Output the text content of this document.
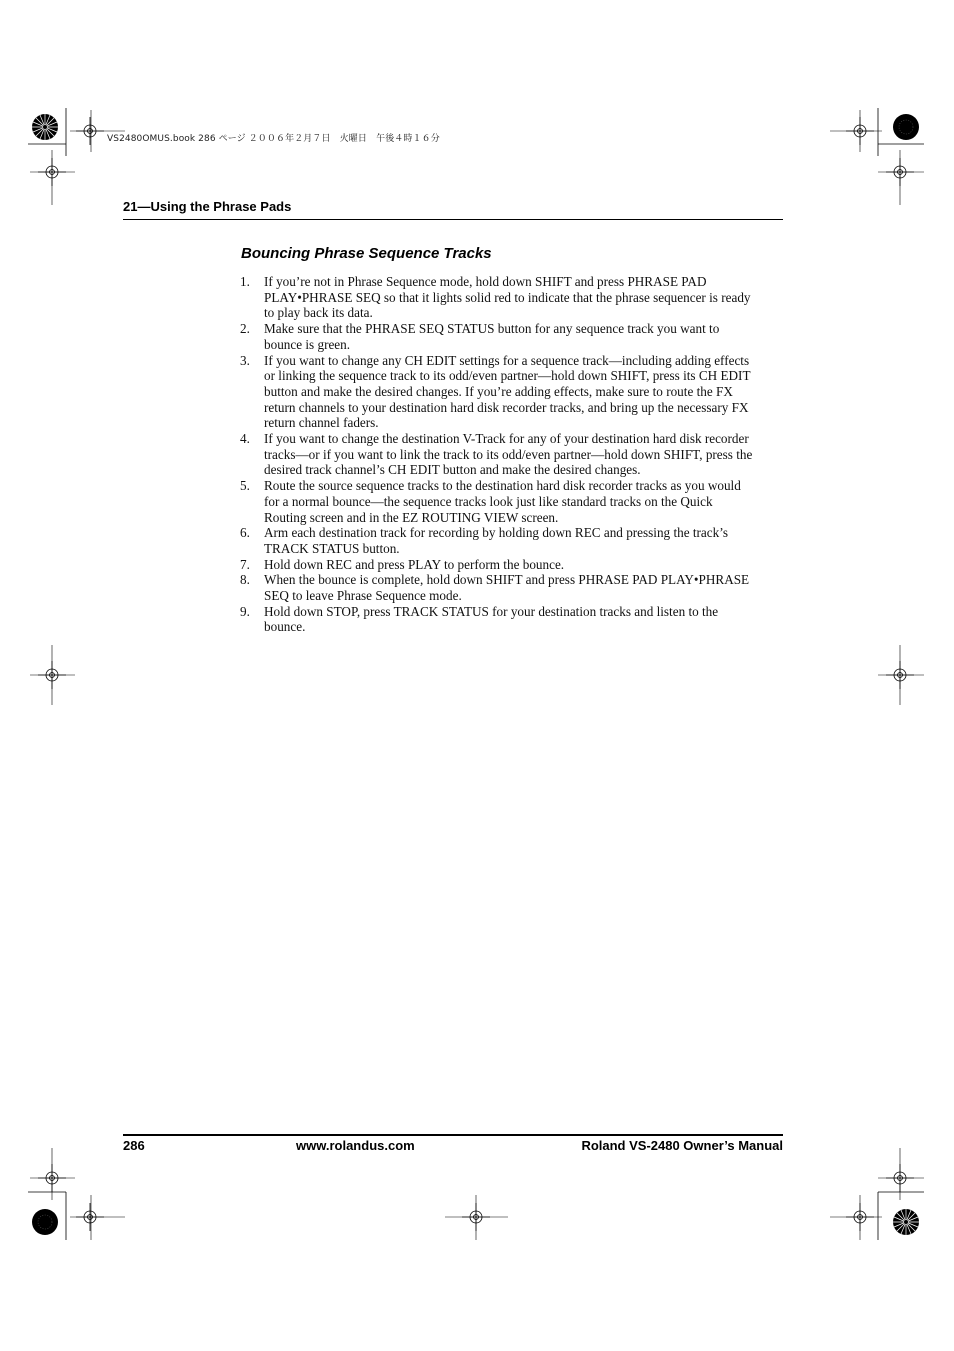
VS2480OMUS.book 286 ページ ２００６年２月７日　火曜日　午後４時１６分
21—Using the Phrase Pads
Bouncing Phrase Sequence Tracks
1. If you’re not in Phrase Sequence mode, hold down SHIFT and press PHRASE PAD PLAY•PHRASE SEQ so that it lights solid red to indicate that the phrase sequencer is ready to play back its data.
2. Make sure that the PHRASE SEQ STATUS button for any sequence track you want to bounce is green.
3. If you want to change any CH EDIT settings for a sequence track—including adding effects or linking the sequence track to its odd/even partner—hold down SHIFT, press its CH EDIT button and make the desired changes. If you’re adding effects, make sure to route the FX return channels to your destination hard disk recorder tracks, and bring up the necessary FX return channel faders.
4. If you want to change the destination V-Track for any of your destination hard disk recorder tracks—or if you want to link the track to its odd/even partner—hold down SHIFT, press the desired track channel’s CH EDIT button and make the desired changes.
5. Route the source sequence tracks to the destination hard disk recorder tracks as you would for a normal bounce—the sequence tracks look just like standard tracks on the Quick Routing screen and in the EZ ROUTING VIEW screen.
6. Arm each destination track for recording by holding down REC and pressing the track’s TRACK STATUS button.
7. Hold down REC and press PLAY to perform the bounce.
8. When the bounce is complete, hold down SHIFT and press PHRASE PAD PLAY•PHRASE SEQ to leave Phrase Sequence mode.
9. Hold down STOP, press TRACK STATUS for your destination tracks and listen to the bounce.
286	www.rolandus.com	Roland VS-2480 Owner’s Manual
